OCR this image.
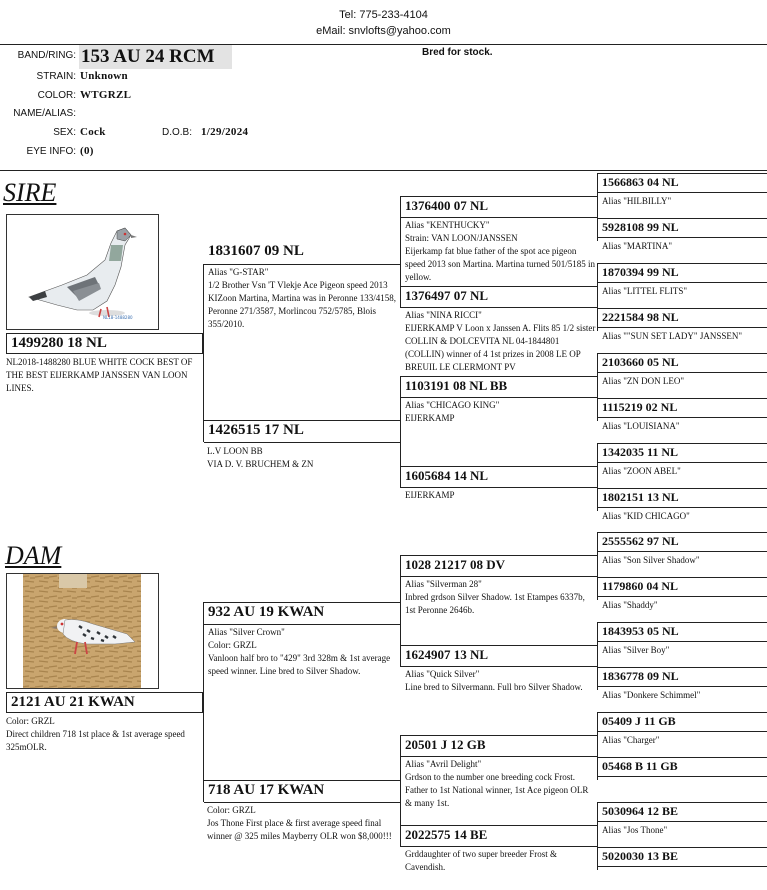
Tel: 775-233-4104
eMail: snvlofts@yahoo.com
BAND/RING: 153 AU 24 RCM
STRAIN: Unknown
COLOR: WTGRZL
NAME/ALIAS:
SEX: Cock	D.O.B: 1/29/2024
EYE INFO: (0)
Bred for stock.
SIRE
NL18-1488280
1499280 18 NL
NL2018-1488280 BLUE WHITE COCK BEST OF THE BEST EIJERKAMP JANSSEN VAN LOON LINES.
1831607 09 NL
Alias "G-STAR"
1/2 Brother Vsn 'T Vlekje Ace Pigeon speed 2013 KIZoon Martina, Martina was in Peronne 133/4158, Peronne 271/3587, Morlincou 752/5785, Blois 355/2010.
1426515 17 NL
L.V LOON BB
VIA D. V. BRUCHEM & ZN
1376400 07 NL
Alias "KENTHUCKY"
Strain: VAN LOON/JANSSEN
Eijerkamp fat blue father of the spot ace pigeon speed 2013 son Martina. Martina turned 501/5185 in yellow.
1376497 07 NL
Alias "NINA RICCI"
EIJERKAMP V Loon x Janssen A. Flits 85 1/2 sister COLLIN & DOLCEVITA NL 04-1844801 (COLLIN) winner of 4 1st prizes in 2008 LE OP BREUIL LE CLERMONT PV
1103191 08 NL BB
Alias "CHICAGO KING"
EIJERKAMP
1605684 14 NL
EIJERKAMP
1566863 04 NL
Alias "HILBILLY"
5928108 99 NL
Alias "MARTINA"
1870394 99 NL
Alias "LITTEL FLITS"
2221584 98 NL
Alias ""SUN SET LADY" JANSSEN"
2103660 05 NL
Alias "ZN DON LEO"
1115219 02 NL
Alias "LOUISIANA"
1342035 11 NL
Alias "ZOON ABEL"
1802151 13 NL
Alias "KID CHICAGO"
DAM
2121 AU 21 KWAN
Color: GRZL
Direct children 718 1st place & 1st average speed 325mOLR.
932 AU 19 KWAN
Alias "Silver Crown"
Color: GRZL
Vanloon half bro to "429" 3rd 328m & 1st average speed winner. Line bred to Silver Shadow.
718 AU 17 KWAN
Color: GRZL
Jos Thone First place & first average speed final winner @ 325 miles Mayberry OLR won $8,000!!!
1028 21217 08 DV
Alias "Silverman 28"
Inbred grdson Silver Shadow. 1st Etampes 6337b, 1st Peronne 2646b.
1624907 13 NL
Alias "Quick Silver"
Line bred to Silvermann. Full bro Silver Shadow.
20501 J 12 GB
Alias "Avril Delight"
Grdson to the number one breeding cock Frost. Father to 1st National winner, 1st Ace pigeon OLR & many 1st.
2022575 14 BE
Grddaughter of two super breeder Frost & Cavendish.
2555562 97 NL
Alias "Son Silver Shadow"
1179860 04 NL
Alias "Shaddy"
1843953 05 NL
Alias "Silver Boy"
1836778 09 NL
Alias "Donkere Schimmel"
05409 J 11 GB
Alias "Charger"
05468 B 11 GB
5030964 12 BE
Alias "Jos Thone"
5020030 13 BE
